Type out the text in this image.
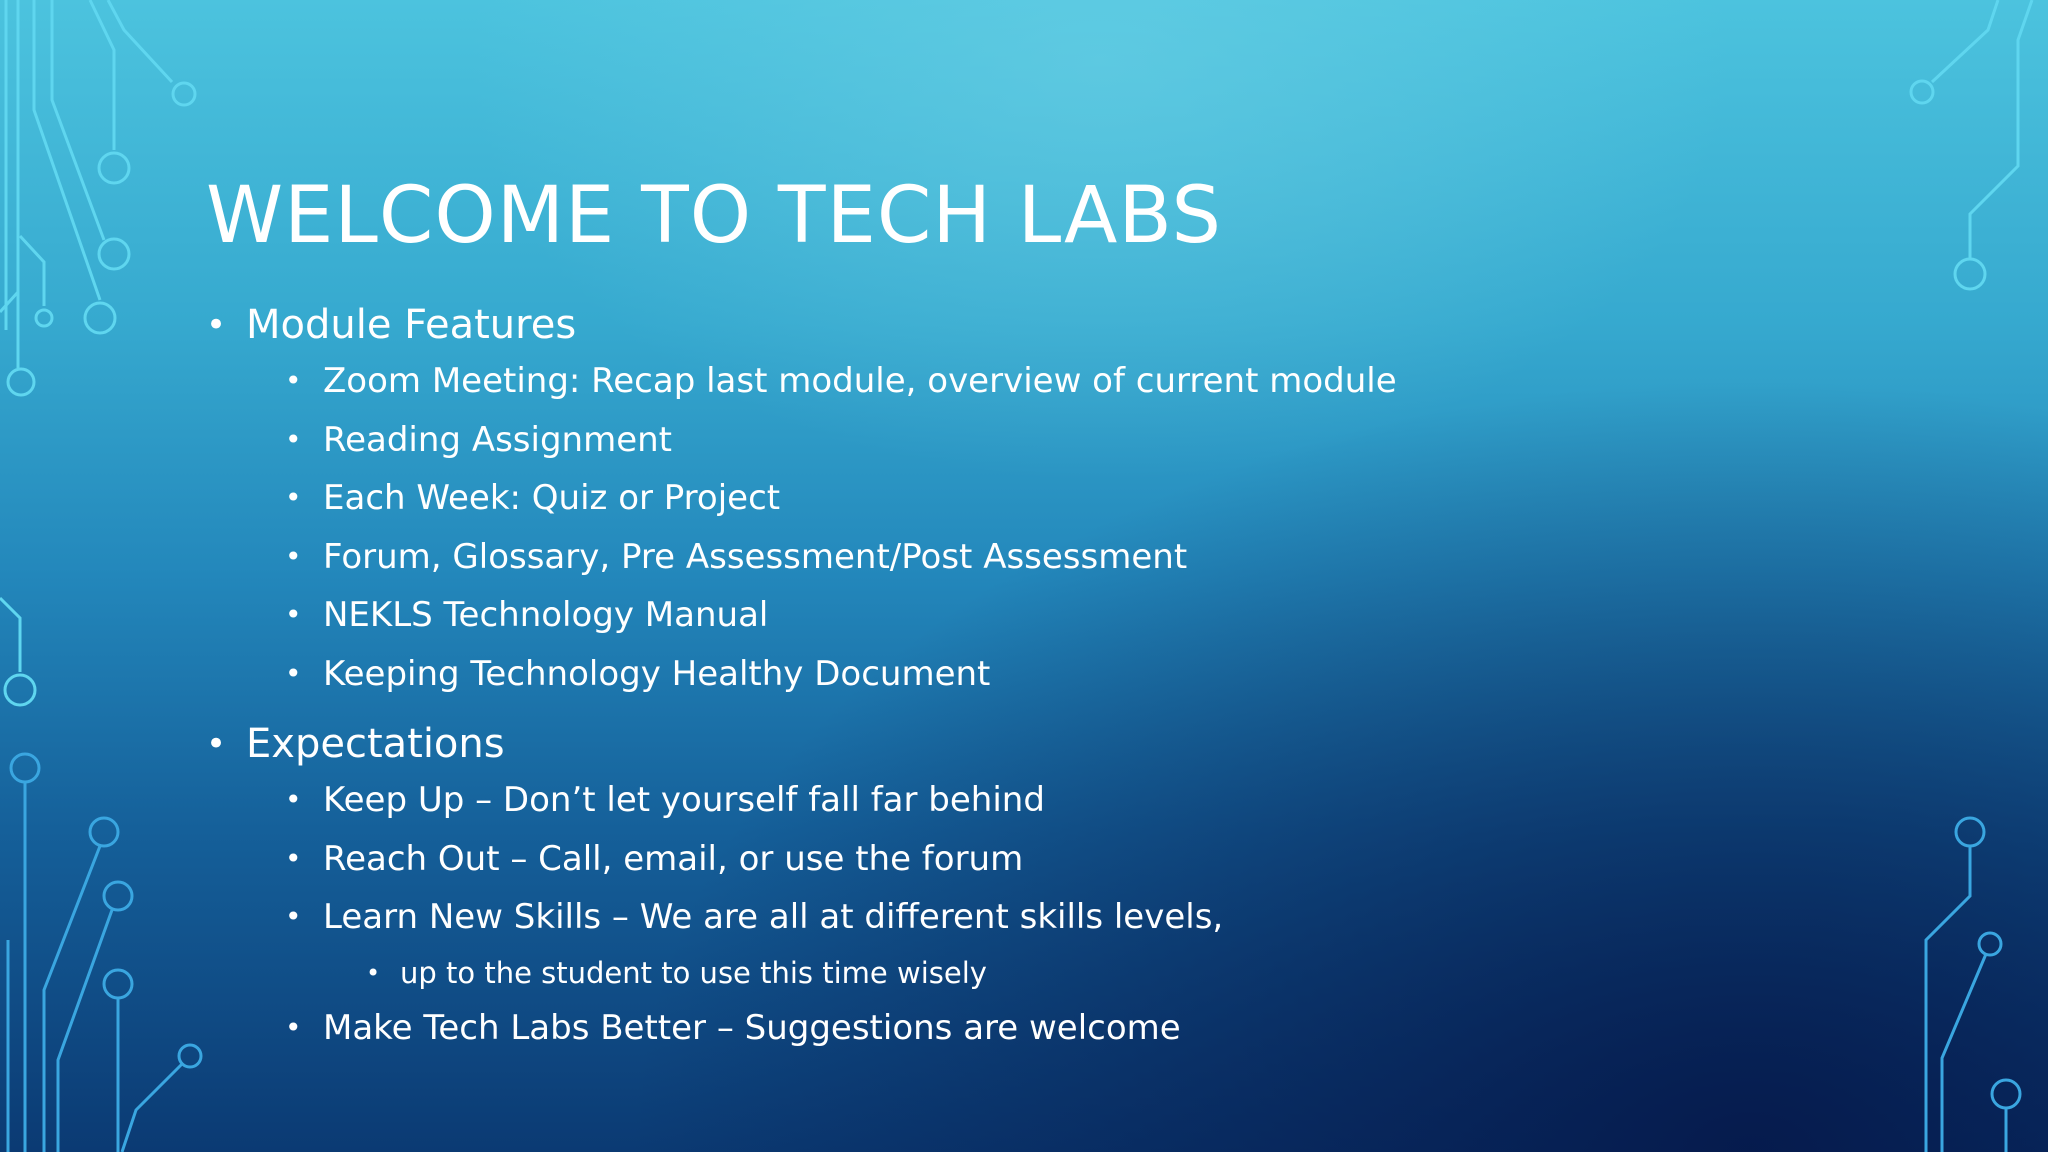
WELCOME TO TECH LABS
• Module Features
• Zoom Meeting: Recap last module, overview of current module
• Reading Assignment
• Each Week: Quiz or Project
• Forum, Glossary, Pre Assessment/Post Assessment
• NEKLS Technology Manual
• Keeping Technology Healthy Document
• Expectations
• Keep Up – Don’t let yourself fall far behind
• Reach Out – Call, email, or use the forum
• Learn New Skills – We are all at different skills levels,
• up to the student to use this time wisely
• Make Tech Labs Better – Suggestions are welcome
